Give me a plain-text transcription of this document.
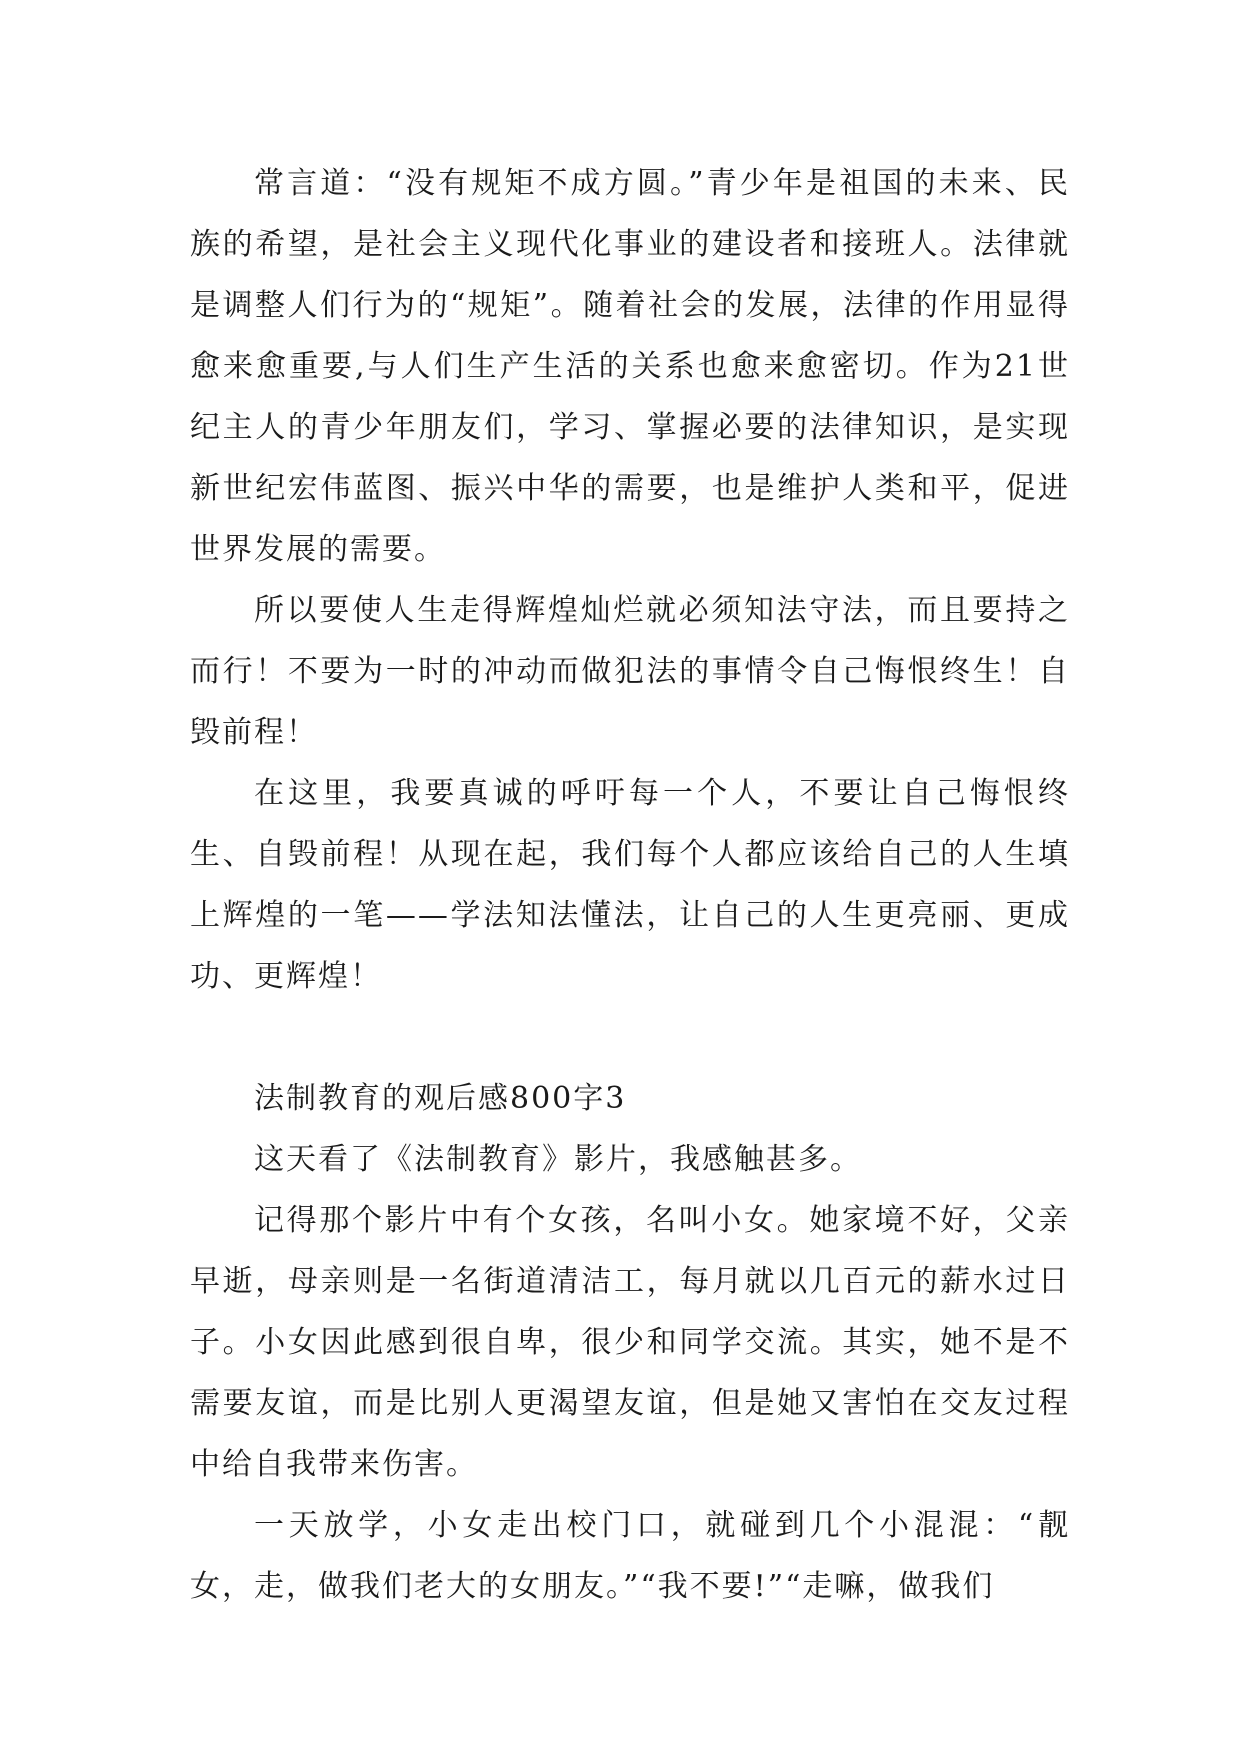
常言道：“没有规矩不成方圆。”青少年是祖国的未来、民族的希望，是社会主义现代化事业的建设者和接班人。法律就是调整人们行为的“规矩”。随着社会的发展，法律的作用显得愈来愈重要,与人们生产生活的关系也愈来愈密切。作为21世纪主人的青少年朋友们，学习、掌握必要的法律知识，是实现新世纪宏伟蓝图、振兴中华的需要，也是维护人类和平，促进世界发展的需要。

所以要使人生走得辉煌灿烂就必须知法守法，而且要持之而行！不要为一时的冲动而做犯法的事情令自己悔恨终生！自毁前程！

在这里，我要真诚的呼吁每一个人，不要让自己悔恨终生、自毁前程！从现在起，我们每个人都应该给自己的人生填上辉煌的一笔——学法知法懂法，让自己的人生更亮丽、更成功、更辉煌！

法制教育的观后感800字3

这天看了《法制教育》影片，我感触甚多。

记得那个影片中有个女孩，名叫小女。她家境不好，父亲早逝，母亲则是一名街道清洁工，每月就以几百元的薪水过日子。小女因此感到很自卑，很少和同学交流。其实，她不是不需要友谊，而是比别人更渴望友谊，但是她又害怕在交友过程中给自我带来伤害。

一天放学，小女走出校门口，就碰到几个小混混：“靓女，走，做我们老大的女朋友。”“我不要!”“走嘛，做我们
